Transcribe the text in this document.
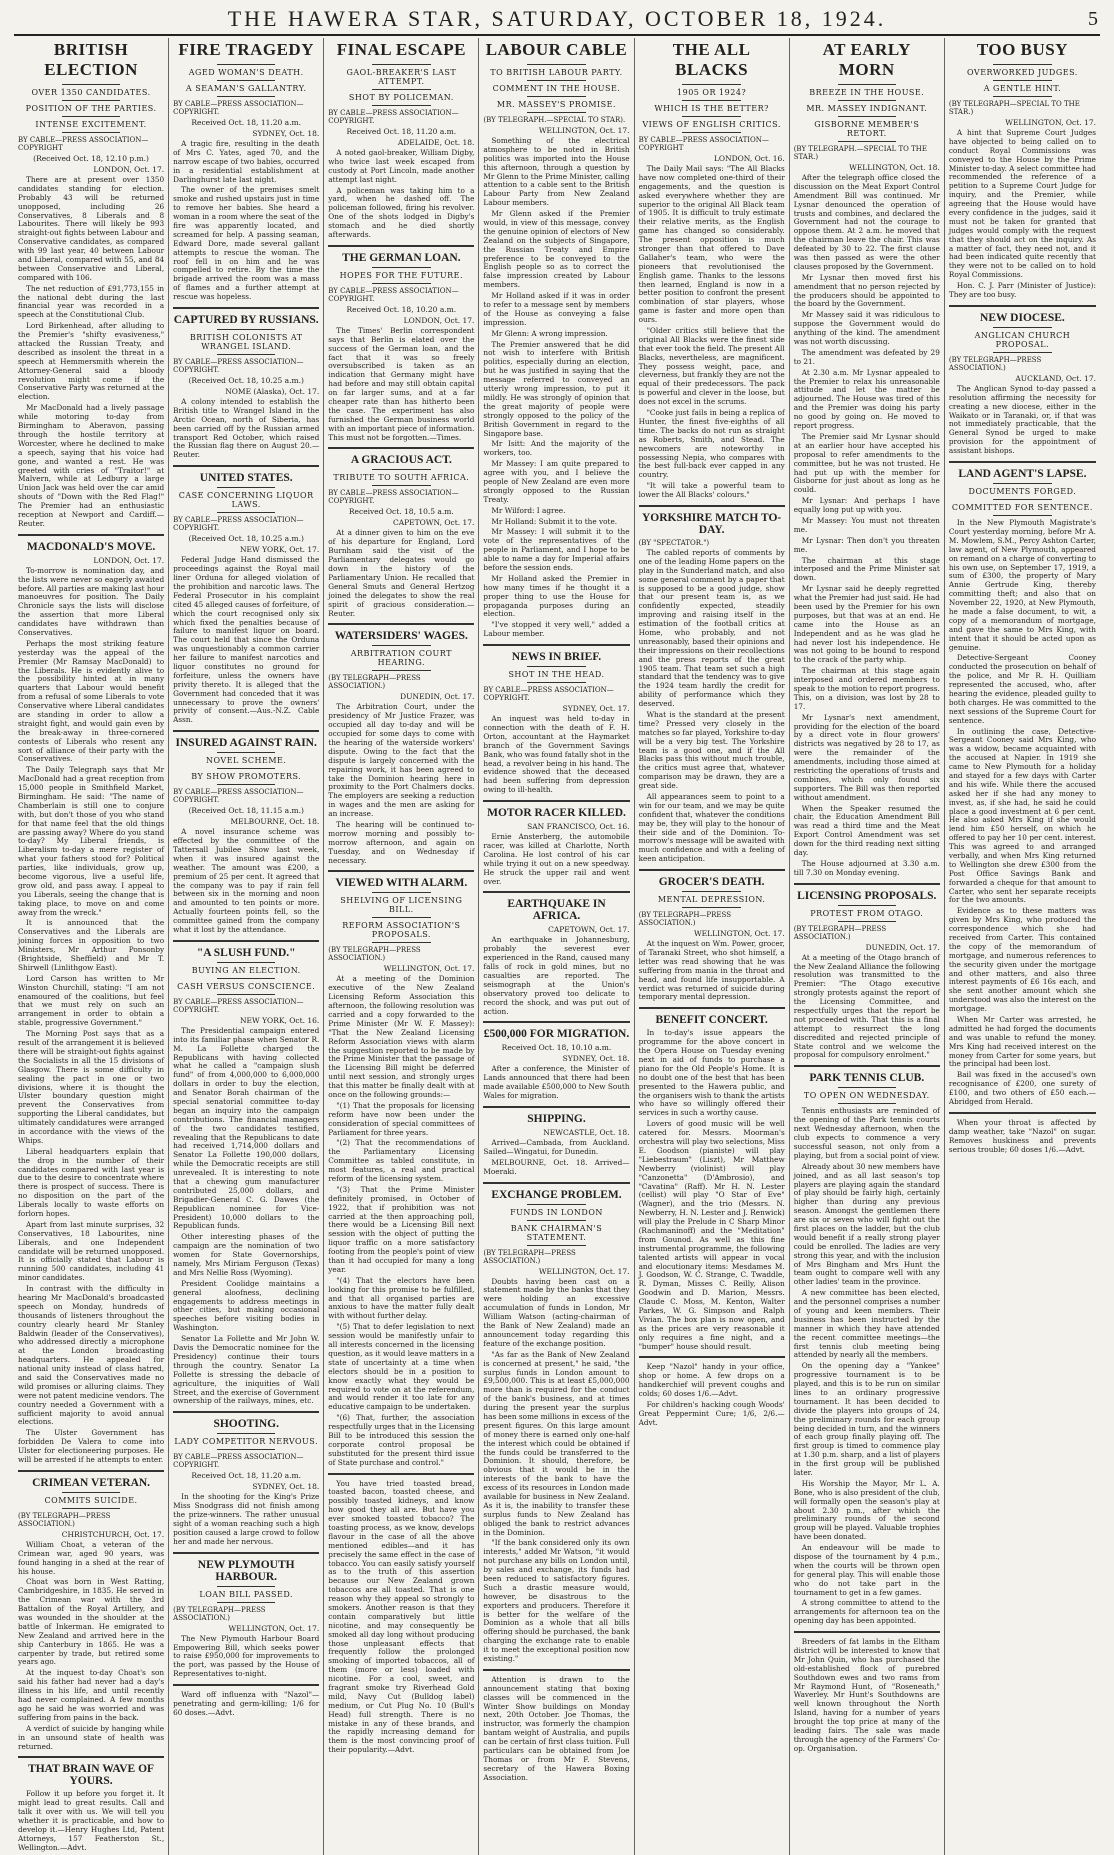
THE HAWERA STAR, SATURDAY, OCTOBER 18, 1924.	5
BRITISH ELECTION
OVER 1350 CANDIDATES.
POSITION OF THE PARTIES.
INTENSE EXCITEMENT.
BY CABLE—PRESS ASSOCIATION—COPYRIGHT
(Received Oct. 18, 12.10 p.m.)
LONDON, Oct. 17.

There are at present over 1350 candidates standing for election. Probably 43 will be returned unopposed, including 26 Conservatives, 8 Liberals and 8 Labourites. There will likely be 993 straight-out fights between Labour and Conservative candidates, as compared with 99 last year, 40 between Labour and Liberal, compared with 55, and 84 between Conservative and Liberal, compared with 106.

The net reduction of £91,773,155 in the national debt during the last financial year was recorded in a speech at the Constitutional Club.

Lord Birkenhead, after alluding to the Premier's "shifty evasiveness," attacked the Russian Treaty, and described as insolent the threat in a speech at Hemmersmith wherein the Attorney-General said a bloody revolution might come if the Conservative Party was returned at the election.

Mr MacDonald had a lively passage while motoring to-day from Birmingham to Aberavon, passing through the hostile territory at Worcester, where he declined to make a speech, saying that his voice had gone, and wanted a rest. He was greeted with cries of "Traitor!" at Malvern, while at Ledbury a large Union Jack was held over the car amid shouts of "Down with the Red Flag!" The Premier had an enthusiastic reception at Newport and Cardiff.—Reuter.

MACDONALD'S MOVE.
LONDON, Oct. 17.

To-morrow is nomination day, and the lists were never so eagerly awaited before. All parties are making last hour manoeuvres for position. The Daily Chronicle says the lists will disclose the assertion that more Liberal candidates have withdrawn than Conservatives.

Perhaps the most striking feature yesterday was the appeal of the Premier (Mr Ramsay MacDonald) to the Liberals. He is evidently alive to the possibility hinted at in many quarters that Labour would benefit from a refusal of some Liberals to vote Conservative where Liberal candidates are standing in order to allow a straight fight, and would gain even by the break-away in three-cornered contests of Liberals who resent any sort of alliance of their party with the Conservatives.

The Daily Telegraph says that Mr MacDonald had a great reception from 15,000 people in Smithfield Market, Birmingham. He said: "The name of Chamberlain is still one to conjure with, but don't those of you who stand for that name feel that the old things are passing away? Where do you stand to-day? My Liberal friends, is Liberalism to-day a mere register of what your fathers stood for? Political parties, like individuals, grow up, become vigorous, live a useful life, grow old, and pass away. I appeal to you Liberals, seeing the change that is taking place, to move on and come away from the wreck."

It is announced that the Conservatives and the Liberals are joining forces in opposition to two Ministers, Mr Arthur Ponsonby (Brightside, Sheffield) and Mr T. Shirwell (Linlithgow East).

Lord Carson has written to Mr Winston Churchill, stating: "I am not enamoured of the coalitions, but feel that we must rely on such an arrangement in order to obtain a stable, progressive Government."

The Morning Post says that as a result of the arrangement it is believed there will be straight-out fights against the Socialists in all the 15 divisions of Glasgow. There is some difficulty in sealing the pact in one or two divisions, where it is thought the Ulster boundary question might prevent the Conservatives from supporting the Liberal candidates, but ultimately candidatures were arranged in accordance with the views of the Whips.

Liberal headquarters explain that the drop in the number of their candidates compared with last year is due to the desire to concentrate where there is prospect of success. There is no disposition on the part of the Liberals locally to waste efforts on forlorn hopes.

Apart from last minute surprises, 32 Conservatives, 18 Labourites, nine Liberals, and one Independent candidate will be returned unopposed. It is officially stated that Labour is running 500 candidates, including 41 minor candidates.

In contrast with the difficulty in hearing Mr MacDonald's broadcasted speech on Monday, hundreds of thousands of listeners throughout the country clearly heard Mr Stanley Baldwin (leader of the Conservatives), who addressed directly a microphone at the London broadcasting headquarters. He appealed for national unity instead of class hatred, and said the Conservatives made no wild promises or alluring claims. They were not patent medicine vendors. The country needed a Government with a sufficient majority to avoid annual elections.

The Ulster Government has forbidden De Valera to come into Ulster for electioneering purposes. He will be arrested if he attempts to enter.

CRIMEAN VETERAN.
COMMITS SUICIDE.
(BY TELEGRAPH—PRESS ASSOCIATION.)
CHRISTCHURCH, Oct. 17.

William Choat, a veteran of the Crimean war, aged 90 years, was found hanging in a shed at the rear of his house.

Choat was born in West Ratting, Cambridgeshire, in 1835. He served in the Crimean war with the 3rd Battalion of the Royal Artillery, and was wounded in the shoulder at the battle of Inkerman. He emigrated to New Zealand and arrived here in the ship Canterbury in 1865. He was a carpenter by trade, but retired some years ago.

At the inquest to-day Choat's son said his father had never had a day's illness in his life, and until recently had never complained. A few months ago he said he was worried and was suffering from pains in the back.

A verdict of suicide by hanging while in an unsound state of health was returned.

THAT BRAIN WAVE OF YOURS.

Follow it up before you forget it. It might lead to great results. Call and talk it over with us. We will tell you whether it is practicable, and how to develop it.—Henry Hughes Ltd, Patent Attorneys, 157 Featherston St., Wellington.—Advt.

FIRE TRAGEDY
AGED WOMAN'S DEATH.
A SEAMAN'S GALLANTRY.
BY CABLE—PRESS ASSOCIATION—COPYRIGHT.
Received Oct. 18, 11.20 a.m.
SYDNEY, Oct. 18.

A tragic fire, resulting in the death of Mrs C. Yates, aged 70, and the narrow escape of two babies, occurred in a residential establishment at Darlinghurst late last night.

The owner of the premises smelt smoke and rushed upstairs just in time to remove her babies. She heard a woman in a room where the seat of the fire was apparently located, and screamed for help. A passing seaman, Edward Dore, made several gallant attempts to rescue the woman. The roof fell in on him and he was compelled to retire. By the time the brigade arrived the room was a mass of flames and a further attempt at rescue was hopeless.

CAPTURED BY RUSSIANS.
BRITISH COLONISTS AT WRANGEL ISLAND.
BY CABLE—PRESS ASSOCIATION—COPYRIGHT.
(Received Oct. 18, 10.25 a.m.)
NOME (Alaska), Oct. 17.

A colony intended to establish the British title to Wrangel Island in the Arctic Ocean, north of Siberia, has been carried off by the Russian armed transport Red October, which raised the Russian flag there on August 20.—Reuter.

UNITED STATES.
CASE CONCERNING LIQUOR LAWS.
BY CABLE—PRESS ASSOCIATION—COPYRIGHT.
(Received Oct. 18, 10.25 a.m.)
NEW YORK, Oct. 17.

Federal Judge Hand dismissed the proceedings against the Royal mail liner Orduna for alleged violation of the prohibition and narcotic laws. The Federal Prosecutor in his complaint cited 45 alleged causes of forfeiture, of which the court recognised only six which fixed the penalties because of failure to manifest liquor on board. The court held that since the Orduna was unquestionably a common carrier her failure to manifest narcotics and liquor constitutes no ground for forfeiture, unless the owners have privity thereto. It is alleged that the Government had conceded that it was unnecessary to prove the owners' privity of consent.—Aus.-N.Z. Cable Assn.

INSURED AGAINST RAIN.
NOVEL SCHEME.
BY SHOW PROMOTERS.
BY CABLE—PRESS ASSOCIATION—COPYRIGHT.
(Received Oct. 18, 11.15 a.m.)
MELBOURNE, Oct. 18.

A novel insurance scheme was effected by the committee of the Tattersall Jubilee Show last week, when it was insured against the weather. The amount was £200, a premium of 25 per cent. It agreed that the company was to pay if rain fell between six in the morning and noon and amounted to ten points or more. Actually fourteen points fell, so the committee gained from the company what it lost by the attendance.

"A SLUSH FUND."
BUYING AN ELECTION.
CASH VERSUS CONSCIENCE.
BY CABLE—PRESS ASSOCIATION—COPYRIGHT.
NEW YORK, Oct. 16.

The Presidential campaign entered into its familiar phase when Senator R. M. La Follette charged the Republicans with having collected what he called a "campaign slush fund" of from 4,000,000 to 6,000,000 dollars in order to buy the election, and Senator Borah chairman of the special senatorial committee to-day began an inquiry into the campaign contributions. The financial managers of the two candidates testified, revealing that the Republicans to date had received 1,714,000 dollars and Senator La Follette 190,000 dollars, while the Democratic receipts are still unrevealed. It is interesting to note that a chewing gum manufacturer contributed 25,000 dollars, and Brigadier-General C. G. Dawes (the Republican nominee for Vice-President) 10,000 dollars to the Republican funds.

Other interesting phases of the campaign are the nomination of two women for State Governorships, namely, Mrs Miriam Ferguson (Texas) and Mrs Nellie Ross (Wyoming).

President Coolidge maintains a general aloofness, declining engagements to address meetings in other cities, but making occasional speeches before visiting bodies in Washington.

Senator La Follette and Mr John W. Davis the Democratic nominee for the Presidency) continue their tours through the country. Senator La Follette is stressing the debacle of agriculture, the iniquities of Wall Street, and the exercise of Government ownership of the railways, mines, etc.

SHOOTING.
LADY COMPETITOR NERVOUS.
BY CABLE—PRESS ASSOCIATION—COPYRIGHT.
Received Oct. 18, 11.20 a.m.
SYDNEY, Oct. 18.

In the shooting for the King's Prize Miss Snodgrass did not finish among the prize-winners. The rather unusual sight of a woman reaching such a high position caused a large crowd to follow her and made her nervous.

NEW PLYMOUTH HARBOUR.
LOAN BILL PASSED.
(BY TELEGRAPH—PRESS ASSOCIATION.)
WELLINGTON, Oct. 17.

The New Plymouth Harbour Board Empowering Bill, which seeks power to raise £950,000 for improvements to the port, was passed by the House of Representatives to-night.

Ward off influenza with "Nazol"—penetrating and germ-killing; 1/6 for 60 doses.—Advt.

FINAL ESCAPE
GAOL-BREAKER'S LAST ATTEMPT.
SHOT BY POLICEMAN.
BY CABLE—PRESS ASSOCIATION—COPYRIGHT.
Received Oct. 18, 11.20 a.m.
ADELAIDE, Oct. 18.

A noted gaol-breaker, William Digby, who twice last week escaped from custody at Port Lincoln, made another attempt last night.

A policeman was taking him to a yard, when he dashed off. The policeman followed, firing his revolver. One of the shots lodged in Digby's stomach and he died shortly afterwards.

THE GERMAN LOAN.
HOPES FOR THE FUTURE.
BY CABLE—PRESS ASSOCIATION—COPYRIGHT.
Received Oct. 18, 10.20 a.m.
LONDON, Oct. 17.

The Times' Berlin correspondent says that Berlin is elated over the success of the German loan, and the fact that it was so freely oversubscribed is taken as an indication that Germany might have had before and may still obtain capital on far larger sums, and at a far cheaper rate than has hitherto been the case. The experiment has also furnished the German business world with an important piece of information. This must not be forgotten.—Times.

A GRACIOUS ACT.
TRIBUTE TO SOUTH AFRICA.
BY CABLE—PRESS ASSOCIATION—COPYRIGHT.
Received Oct. 18, 10.5 a.m.
CAPETOWN, Oct. 17.

At a dinner given to him on the eve of his departure for England, Lord Burnham said the visit of the Parliamentary delegates would go down in the history of the Parliamentary Union. He recalled that General Smuts and General Hertzog joined the delegates to show the real spirit of gracious consideration.—Reuter.

WATERSIDERS' WAGES.
ARBITRATION COURT HEARING.
(BY TELEGRAPH—PRESS ASSOCIATION.)
DUNEDIN, Oct. 17.

The Arbitration Court, under the presidency of Mr Justice Frazer, was occupied all day to-day and will be occupied for some days to come with the hearing of the waterside workers' dispute. Owing to the fact that the dispute is largely concerned with the repairing work, it has been agreed to take the Dominion hearing here in proximity to the Port Chalmers docks. The employers are seeking a reduction in wages and the men are asking for an increase.

The hearing will be continued to-morrow morning and possibly to-morrow afternoon, and again on Tuesday, and on Wednesday if necessary.

VIEWED WITH ALARM.
SHELVING OF LICENSING BILL.
REFORM ASSOCIATION'S PROPOSALS.
(BY TELEGRAPH—PRESS ASSOCIATION.)
WELLINGTON, Oct. 17.

At a meeting of the Dominion executive of the New Zealand Licensing Reform Association this afternoon, the following resolution was carried and a copy forwarded to the Prime Minister (Mr W. F. Massey): "That the New Zealand Licensing Reform Association views with alarm the suggestion reported to be made by the Prime Minister that the passage of the Licensing Bill might be deferred until next session, and strongly urges that this matter be finally dealt with at once on the following grounds:—

"(1) That the proposals for licensing reform have now been under the consideration of special committees of Parliament for three years.

"(2) That the recommendations of the Parliamentary Licensing Committee as tabled constitute, in most features, a real and practical reform of the licensing system.

"(3) That the Prime Minister definitely promised, in October of 1922, that if prohibition was not carried at the then approaching poll, there would be a Licensing Bill next session with the object of putting the liquor traffic on a more satisfactory footing from the people's point of view than it had occupied for many a long year.

"(4) That the electors have been looking for this promise to be fulfilled, and that all organised parties are anxious to have the matter fully dealt with without further delay.

"(5) That to defer legislation to next session would be manifestly unfair to all interests concerned in the licensing question, as it would leave matters in a state of uncertainty at a time when electors should be in a position to know exactly what they would be required to vote on at the referendum, and would render it too late for any educative campaign to be undertaken.

"(6) That, further, the association respectfully urges that in the Licensing Bill to be introduced this session the corporate control proposal be substituted for the present third issue of State purchase and control."

You have tried toasted bread, toasted bacon, toasted cheese, and possibly toasted kidneys, and know how good they all are. But have you ever smoked toasted tobacco? The toasting process, as we know, develops flavour in the case of all the above mentioned edibles—and it has precisely the same effect in the case of tobacco. You can easily satisfy yourself as to the truth of this assertion because our New Zealand grown tobaccos are all toasted. That is one reason why they appeal so strongly to smokers. Another reason is that they contain comparatively but little nicotine, and may consequently be smoked all day long without producing those unpleasant effects that frequently follow the prolonged smoking of imported tobaccos, all of them (more or less) loaded with nicotine. For a cool, sweet, and fragrant smoke try Riverhead Gold mild, Navy Cut (Bulldog label) medium, or Cut Plug No. 10 (Bull's Head) full strength. There is no mistake in any of these brands, and the rapidly increasing demand for them is the most convincing proof of their popularity.—Advt.

LABOUR CABLE
TO BRITISH LABOUR PARTY.
COMMENT IN THE HOUSE.
MR. MASSEY'S PROMISE.
(BY TELEGRAPH.—SPECIAL TO STAR).
WELLINGTON, Oct. 17.

Something of the electrical atmosphere to be noted in British politics was imported into the House this afternoon, through a question by Mr Glenn to the Prime Minister, calling attention to a cable sent to the British Labour Party from New Zealand Labour members.

Mr Glenn asked if the Premier would, in view of this message, convey the genuine opinion of electors of New Zealand on the subjects of Singapore, the Russian Treaty and Empire preference to be conveyed to the English people so as to correct the false impression created by Labour members.

Mr Holland asked if it was in order to refer to a message sent by members of the House as conveying a false impression.

Mr Glenn: A wrong impression.

The Premier answered that he did not wish to interfere with British politics, especially during an election, but he was justified in saying that the message referred to conveyed an utterly wrong impression, to put it mildly. He was strongly of opinion that the great majority of people were strongly opposed to the policy of the British Government in regard to the Singapore base.

Mr Isitt: And the majority of the workers, too.

Mr Massey: I am quite prepared to agree with you, and I believe the people of New Zealand are even more strongly opposed to the Russian Treaty.

Mr Wilford: I agree.

Mr Holland: Submit it to the vote.

Mr Massey: I will submit it to the vote of the representatives of the people in Parliament, and I hope to be able to name a day for Imperial affairs before the session ends.

Mr Holland asked the Premier in how many times if he thought it a proper thing to use the House for propaganda purposes during an election.

"I've stopped it very well," added a Labour member.

NEWS IN BRIEF.
SHOT IN THE HEAD.
BY CABLE—PRESS ASSOCIATION—COPYRIGHT.
SYDNEY, Oct. 17.

An inquest was held to-day in connection with the death of F. H. Orton, accountant at the Haymarket branch of the Government Savings Bank, who was found fatally shot in the head, a revolver being in his hand. The evidence showed that the deceased had been suffering from depression owing to ill-health.

MOTOR RACER KILLED.
SAN FRANCISCO, Oct. 16.

Ernie Ansterberg, the automobile racer, was killed at Charlotte, North Carolina. He lost control of his car while trying it out on a new speedway. He struck the upper rail and went over.

EARTHQUAKE IN AFRICA.
CAPETOWN, Oct. 17.

An earthquake in Johannesburg, probably the severest ever experienced in the Rand, caused many falls of rock in gold mines, but no casualties are reported. The seismograph at the Union's observatory proved too delicate to record the shock, and was put out of action.

£500,000 FOR MIGRATION.
Received Oct. 18, 10.10 a.m.
SYDNEY, Oct. 18.

After a conference, the Minister of Lands announced that there had been made available £500,000 to New South Wales for migration.

SHIPPING.
NEWCASTLE, Oct. 18.

Arrived—Cambada, from Auckland. Sailed—Wingatui, for Dunedin.

MELBOURNE, Oct. 18. Arrived—Moeraki.

EXCHANGE PROBLEM.
FUNDS IN LONDON
BANK CHAIRMAN'S STATEMENT.
(BY TELEGRAPH—PRESS ASSOCIATION.)
WELLINGTON, Oct. 17.

Doubts having been cast on a statement made by the banks that they were holding an excessive accumulation of funds in London, Mr William Watson (acting-chairman of the Bank of New Zealand) made an announcement today regarding this feature of the exchange position.

"As far as the Bank of New Zealand is concerned at present," he said, "the surplus funds in London amount to £9,500,000. This is at least £5,000,000 more than is required for the conduct of the bank's business, and at times during the present year the surplus has been some millions in excess of the present figures. On this large amount of money there is earned only one-half the interest which could be obtained if the funds could be transferred to the Dominion. It should, therefore, be obvious that it would be in the interests of the bank to have the excess of its resources in London made available for business in New Zealand. As it is, the inability to transfer these surplus funds to New Zealand has obliged the bank to restrict advances in the Dominion.

"If the bank considered only its own interests," added Mr Watson, "it would not purchase any bills on London until, by sales and exchange, its funds had been reduced to satisfactory figures. Such a drastic measure would, however, be disastrous to the exporters and producers. Therefore it is better for the welfare of the Dominion as a whole that all bills offering should be purchased, the bank charging the exchange rate to enable it to meet the exceptional position now existing."

Attention is drawn to the announcement stating that boxing classes will be commenced in the Winter Show buildings on Monday next, 20th October. Joe Thomas, the instructor, was formerly the champion bantam weight of Australia, and pupils can be certain of first class tuition. Full particulars can be obtained from Joe Thomas or from Mr F. Stevens, secretary of the Hawera Boxing Association.

THE ALL BLACKS
1905 OR 1924?
WHICH IS THE BETTER?
VIEWS OF ENGLISH CRITICS.
BY CABLE—PRESS ASSOCIATION—COPYRIGHT
LONDON, Oct. 16.

The Daily Mail says: "The All Blacks have now completed one-third of their engagements, and the question is asked everywhere whether they are superior to the original All Black team of 1905. It is difficult to truly estimate their relative merits, as the English game has changed so considerably. The present opposition is much stronger than that offered to Dave Gallaher's team, who were the pioneers that revolutionised the English game. Thanks to the lessons then learned, England is now in a better position to confront the present combination of star players, whose game is faster and more open than ours.

"Older critics still believe that the original All Blacks were the finest side that ever took the field. The present All Blacks, nevertheless, are magnificent. They possess weight, pace, and cleverness, but frankly they are not the equal of their predecessors. The pack is powerful and clever in the loose, but does not excel in the scrums.

"Cooke just fails in being a replica of Hunter, the finest five-eighths of all time. The backs do not run as straight as Roberts, Smith, and Stead. The newcomers are noteworthy in possessing Nepia, who compares with the best full-back ever capped in any country.

"It will take a powerful team to lower the All Blacks' colours."

YORKSHIRE MATCH TO-DAY.
(BY "SPECTATOR.")

The cabled reports of comments by one of the leading Home papers on the play in the Sunderland match, and also some general comment by a paper that is supposed to be a good judge, show that our present team is, as we confidently expected, steadily improving and raising itself in the estimation of the football critics at Home, who probably, and not unreasonably, based their opinions and their impressions on their recollections and the press reports of the great 1905 team. That team set such a high standard that the tendency was to give the 1924 team hardly the credit for ability of performance which they deserved.

What is the standard at the present time? Pressed very closely in the matches so far played, Yorkshire to-day will be a very big test. The Yorkshire team is a good one, and if the All Blacks pass this without much trouble, the critics must agree that, whatever comparison may be drawn, they are a great side.

All appearances seem to point to a win for our team, and we may be quite confident that, whatever the conditions may be, they will play to the honour of their side and of the Dominion. To-morrow's message will be awaited with much confidence and with a feeling of keen anticipation.

GROCER'S DEATH.
MENTAL DEPRESSION.
(BY TELEGRAPH—PRESS ASSOCIATION.)
WELLINGTON, Oct. 17.

At the inquest on Wm. Power, grocer, of Taranaki Street, who shot himself, a letter was read showing that he was suffering from mania in the throat and head, and found life insupportable. A verdict was returned of suicide during temporary mental depression.

BENEFIT CONCERT.

In to-day's issue appears the programme for the above concert in the Opera House on Tuesday evening next in aid of funds to purchase a piano for the Old People's Home. It is no doubt one of the best that has been presented to the Hawera public, and the organisers wish to thank the artists who have so willingly offered their services in such a worthy cause.

Lovers of good music will be well catered for. Messrs. Moorman's orchestra will play two selections, Miss E. Goodson (pianiste) will play "Liebestraum" (Liszt), Mr Matthew Newberry (violinist) will play "Canzonetta" (D'Ambrosio), and "Cavatina" (Raff). Mr H. N. Lester (cellist) will play "O Star of Eve" (Wagner), and the trio (Messrs. N. Newberry, H. N. Lester and J. Renwick) will play the Prelude in C Sharp Minor (Rachmaninoff) and the "Meditation" from Gounod. As well as this fine instrumental programme, the following talented artists will appear in vocal and elocutionary items: Mesdames M. J. Goodson, W. C. Strange, C. Twaddle, R. Dyman, Misses C. Reilly, Alison Goodwin and D. Marion, Messrs. Claude C. Moss, M. Kenton, Walter Parkes, W. G. Simpson and Ralph Vivian. The box plan is now open, and as the prices are very reasonable it only requires a fine night, and a "bumper" house should result.

Keep "Nazol" handy in your office, shop or home. A few drops on a handkerchief will prevent coughs and colds; 60 doses 1/6.—Advt.

For children's hacking cough Woods' Great Peppermint Cure; 1/6, 2/6.—Advt.

AT EARLY MORN
BREEZE IN THE HOUSE.
MR. MASSEY INDIGNANT.
GISBORNE MEMBER'S RETORT.
(BY TELEGRAPH.—SPECIAL TO THE STAR.)
WELLINGTON, Oct. 18.

After the telegraph office closed the discussion on the Meat Export Control Amendment Bill was continued. Mr Lysnar denounced the operation of trusts and combines, and declared the Government had not the courage to oppose them. At 2 a.m. he moved that the chairman leave the chair. This was defeated by 30 to 22. The first clause was then passed as were the other clauses proposed by the Government.

Mr Lysnar then moved first his amendment that no person rejected by the producers should be appointed to the board by the Government.

Mr Massey said it was ridiculous to suppose the Government would do anything of the kind. The amendment was not worth discussing.

The amendment was defeated by 29 to 21.

At 2.30 a.m. Mr Lysnar appealed to the Premier to relax his unreasonable attitude and let the matter be adjourned. The House was tired of this and the Premier was doing his party no good by going on. He moved to report progress.

The Premier said Mr Lysnar should at an earlier hour have accepted his proposal to refer amendments to the committee, but he was not trusted. He had put up with the member for Gisborne for just about as long as he could.

Mr Lysnar: And perhaps I have equally long put up with you.

Mr Massey: You must not threaten me.

Mr Lysnar: Then don't you threaten me.

The chairman at this stage interposed and the Prime Minister sat down.

Mr Lysnar said he deeply regretted what the Premier had just said. He had been used by the Premier for his own purposes, but that was at an end. He came into the House as an Independent and as he was glad he had never lost his independence. He was not going to be bound to respond to the crack of the party whip.

The chairman at this stage again interposed and ordered members to speak to the motion to report progress. This, on a division, was lost by 28 to 17.

Mr Lysnar's next amendment, providing for the election of the board by a direct vote in flour growers' districts was negatived by 28 to 17, as were the remainder of the amendments, including those aimed at restricting the operations of trusts and combines, which only found six supporters. The Bill was then reported without amendment.

When the Speaker resumed the chair, the Education Amendment Bill was read a third time and the Meat Export Control Amendment was set down for the third reading next sitting day.

The House adjourned at 3.30 a.m. till 7.30 on Monday evening.

LICENSING PROPOSALS.
PROTEST FROM OTAGO.
(BY TELEGRAPH—PRESS ASSOCIATION.)
DUNEDIN, Oct. 17.

At a meeting of the Otago branch of the New Zealand Alliance the following resolution was transmitted to the Premier: "The Otago executive strongly protests against the report of the Licensing Committee, and respectfully urges that the report be not proceeded with. That this is a final attempt to resurrect the long discredited and rejected principle of State control and we welcome the proposal for compulsory enrolment."

PARK TENNIS CLUB.
TO OPEN ON WEDNESDAY.

Tennis enthusiasts are reminded of the opening of the Park tennis courts next Wednesday afternoon, when the club expects to commence a very successful season, not only from a playing, but from a social point of view.

Already about 30 new members have joined, and as all last season's top players are playing again the standard of play should be fairly high, certainly higher than during any previous season. Amongst the gentlemen there are six or seven who will fight out the first places on the ladder, but the club would benefit if a really strong player could be enrolled. The ladies are very strong this year, and with the inclusion of Mrs Bingham and Mrs Hunt the team ought to compare well with any other ladies' team in the province.

A new committee has been elected, and the personnel comprises a number of young and keen members. Their business has been instructed by the manner in which they have attended the recent committee meetings—the first tennis club meeting being attended by nearly all the members.

On the opening day a "Yankee" progressive tournament is to be played, and this is to be run on similar lines to an ordinary progressive tournament. It has been decided to divide the players into groups of 24, the preliminary rounds for each group being decided in turn, and the winners of each group finally playing off. The first group is timed to commence play at 1.30 p.m. sharp, and a list of players in the first group will be published later.

His Worship the Mayor, Mr L. A. Bone, who is also president of the club, will formally open the season's play at about 2.30 p.m., after which the preliminary rounds of the second group will be played. Valuable trophies have been donated.

An endeavour will be made to dispose of the tournament by 4 p.m., when the courts will be thrown open for general play. This will enable those who do not take part in the tournament to get in a few games.

A strong committee to attend to the arrangements for afternoon tea on the opening day has been appointed.

Breeders of fat lambs in the Eltham district will be interested to know that Mr John Quin, who has purchased the old-established flock of purebred Southdown ewes and two rams from Mr Raymond Hunt, of "Roseneath," Waverley. Mr Hunt's Southdowns are well known throughout the North Island, having for a number of years brought the top price at many of the leading fairs. The sale was made through the agency of the Farmers' Co-op. Organisation.

TOO BUSY
OVERWORKED JUDGES.
A GENTLE HINT.
(BY TELEGRAPH—SPECIAL TO THE STAR.)
WELLINGTON, Oct. 17.

A hint that Supreme Court Judges have objected to being called on to conduct Royal Commissions was conveyed to the House by the Prime Minister to-day. A select committee had recommended the reference of a petition to a Supreme Court Judge for inquiry, and the Premier, while agreeing that the House would have every confidence in the judges, said it must not be taken for granted that judges would comply with the request that they should act on the inquiry. As a matter of fact, they need not, and it had been indicated quite recently that they were not to be called on to hold Royal Commissions.

Hon. C. J. Parr (Minister of Justice): They are too busy.

NEW DIOCESE.
ANGLICAN CHURCH PROPOSAL.
(BY TELEGRAPH—PRESS ASSOCIATION.)
AUCKLAND, Oct. 17.

The Anglican Synod to-day passed a resolution affirming the necessity for creating a new diocese, either in the Waikato or in Taranaki, or, if that was not immediately practicable, that the General Synod be urged to make provision for the appointment of assistant bishops.

LAND AGENT'S LAPSE.
DOCUMENTS FORGED.
COMMITTED FOR SENTENCE.

In the New Plymouth Magistrate's Court yesterday morning, before Mr A. M. Mowlem, S.M., Percy Ashton Carter, law agent, of New Plymouth, appeared on remand on a charge of converting to his own use, on September 17, 1919, a sum of £300, the property of Mary Annie Gertrude King, thereby committing theft; and also that on November 22, 1920, at New Plymouth, he made a false document, to wit, a copy of a memorandum of mortgage, and gave the same to Mrs King, with intent that it should be acted upon as genuine.

Detective-Sergeant Cooney conducted the prosecution on behalf of the police, and Mr R. H. Quilliam represented the accused, who, after hearing the evidence, pleaded guilty to both charges. He was committed to the next sessions of the Supreme Court for sentence.

In outlining the case, Detective-Sergeant Cooney said Mrs King, who was a widow, became acquainted with the accused at Napier. In 1919 she came to New Plymouth for a holiday and stayed for a few days with Carter and his wife. While there the accused asked her if she had any money to invest, as, if she had, he said he could place a good investment at 6 per cent. He also asked Mrs King if she would lend him £50 herself, on which he offered to pay her 10 per cent. interest. This was agreed to and arranged verbally, and when Mrs King returned to Wellington she drew £300 from the Post Office Savings Bank and forwarded a cheque for that amount to Carter, who sent her separate receipts for the two amounts.

Evidence as to these matters was given by Mrs King, who produced the correspondence which she had received from Carter. This contained the copy of the memorandum of mortgage, and numerous references to the security given under the mortgage and other matters, and also three interest payments of £6 16s each, and she sent another amount which she understood was also the interest on the mortgage.

When Mr Carter was arrested, he admitted he had forged the documents and was unable to refund the money. Mrs King had received interest on the money from Carter for some years, but the principal had been lost.

Bail was fixed in the accused's own recognisance of £200, one surety of £100, and two others of £50 each.—Abridged from Herald.

When your throat is affected by damp weather, take "Nazol" on sugar. Removes huskiness and prevents serious trouble; 60 doses 1/6.—Advt.
